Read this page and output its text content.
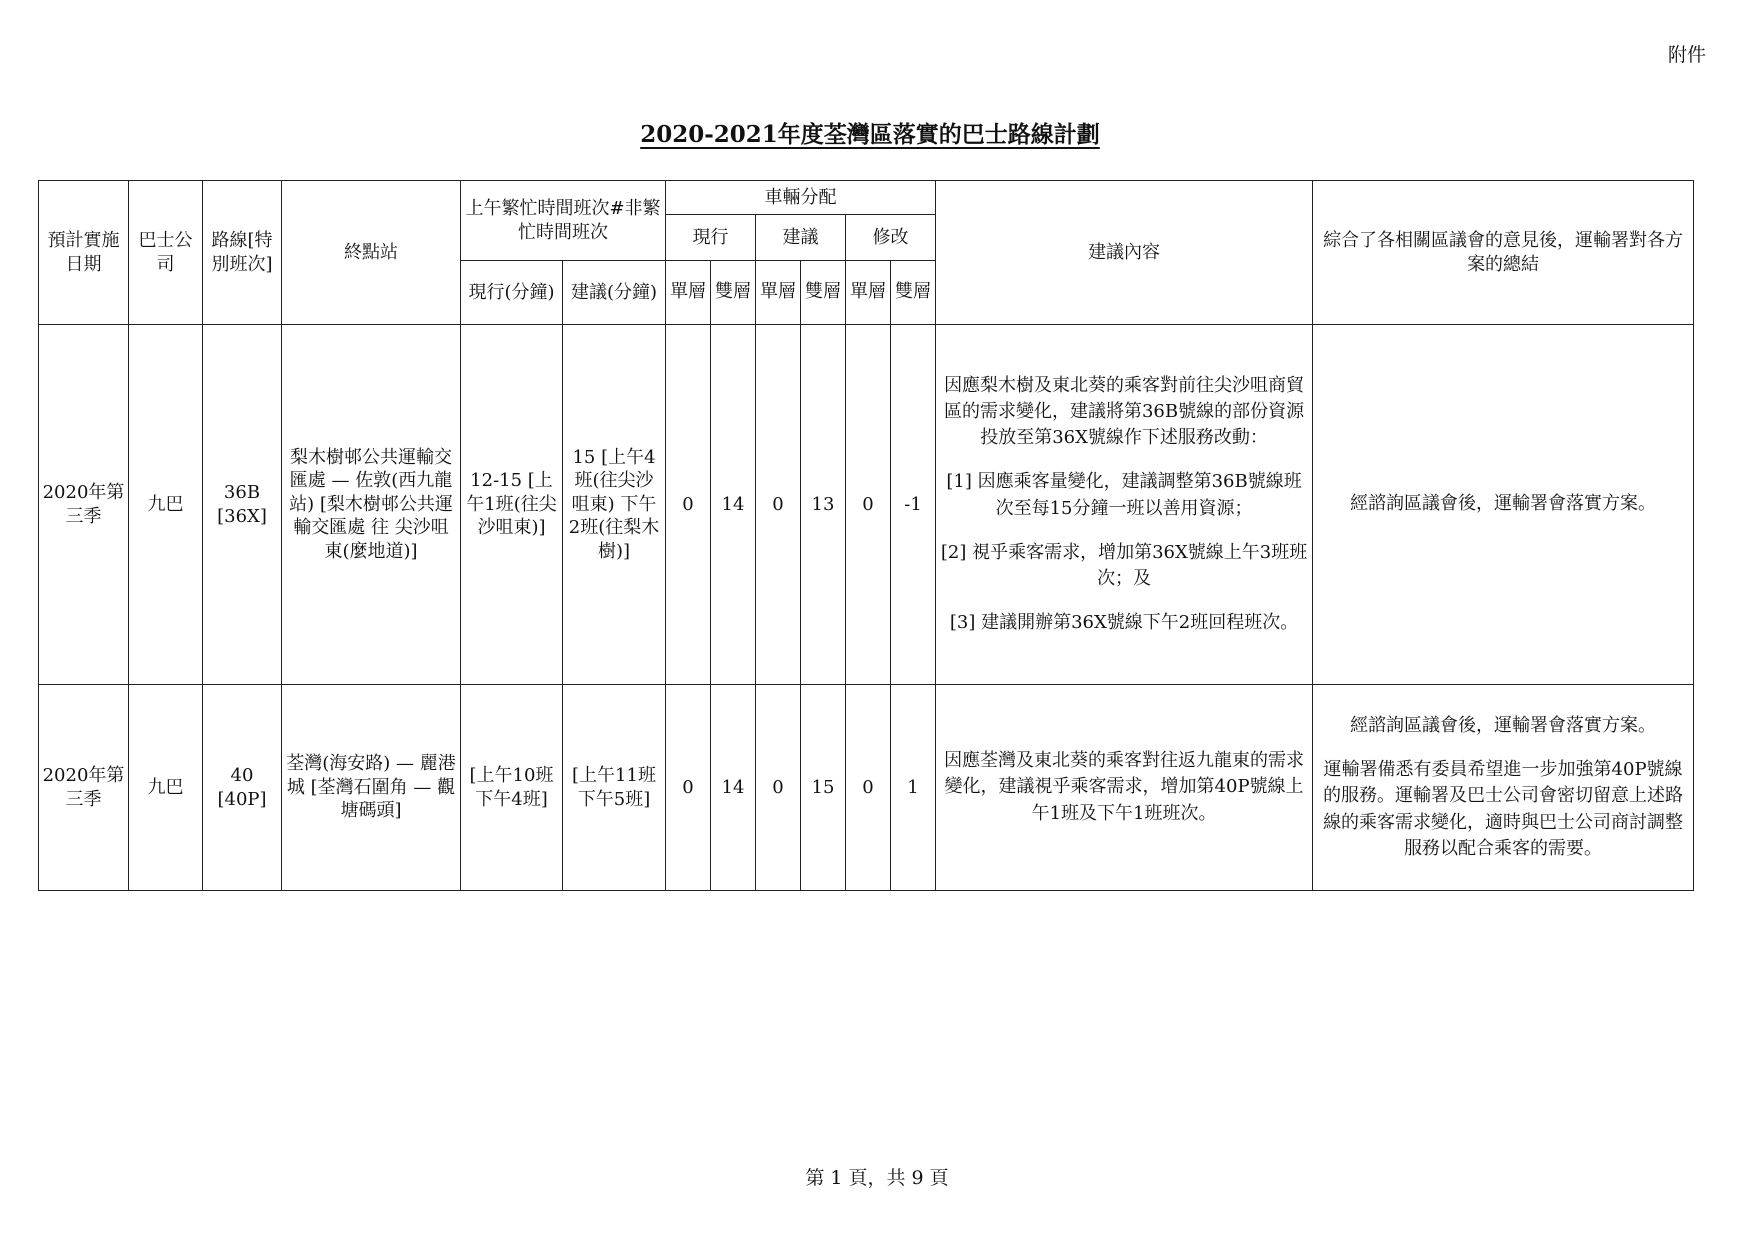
附件
2020-2021年度荃灣區落實的巴士路線計劃
預計實施日期	巴士公司	路線[特別班次]	終點站	上午繁忙時間班次#非繁忙時間班次		車輛分配						建議內容	綜合了各相關區議會的意見後，運輸署對各方案的總結
						現行		建議		修改			
				現行(分鐘)	建議(分鐘)	單層	雙層	單層	雙層	單層	雙層		

2020年第三季	九巴	36B [36X]	梨木樹邨公共運輸交匯處 — 佐敦(西九龍站) [梨木樹邨公共運輸交匯處 往 尖沙咀東(麼地道)]	12-15 [上午1班(往尖沙咀東)]	15 [上午4班(往尖沙咀東) 下午2班(往梨木樹)]	0	14	0	13	0	-1	因應梨木樹及東北葵的乘客對前往尖沙咀商貿區的需求變化，建議將第36B號線的部份資源投放至第36X號線作下述服務改動：

[1] 因應乘客量變化，建議調整第36B號線班次至每15分鐘一班以善用資源；

[2] 視乎乘客需求，增加第36X號線上午3班班次；及

[3] 建議開辦第36X號線下午2班回程班次。	經諮詢區議會後，運輸署會落實方案。

2020年第三季	九巴	40 [40P]	荃灣(海安路) — 麗港城 [荃灣石圍角 — 觀塘碼頭]	[上午10班下午4班]	[上午11班下午5班]	0	14	0	15	0	1	因應荃灣及東北葵的乘客對往返九龍東的需求變化，建議視乎乘客需求，增加第40P號線上午1班及下午1班班次。	經諮詢區議會後，運輸署會落實方案。

運輸署備悉有委員希望進一步加強第40P號線的服務。運輸署及巴士公司會密切留意上述路線的乘客需求變化，適時與巴士公司商討調整服務以配合乘客的需要。

第 1 頁，共 9 頁
